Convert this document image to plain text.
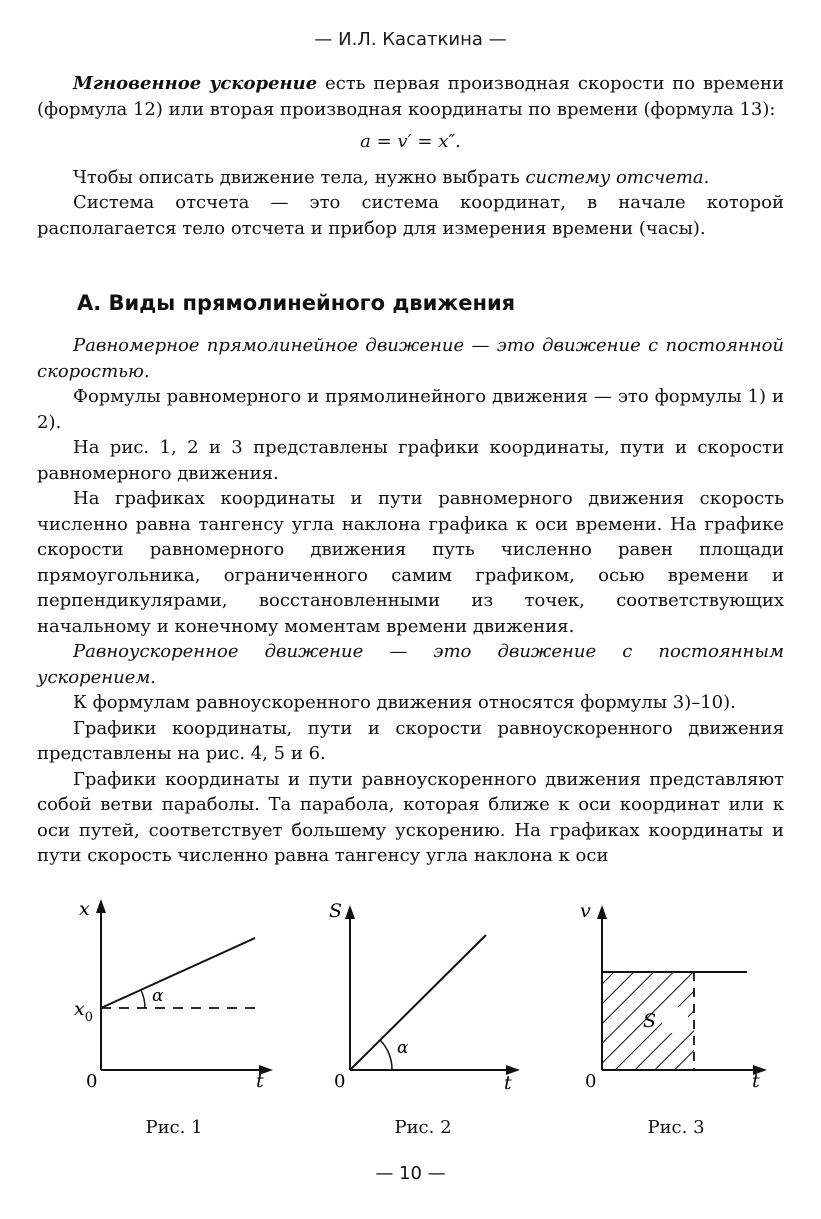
— И.Л. Касаткина —

Мгновенное ускорение есть первая производная скорости по времени (формула 12) или вторая производная координаты по времени (формула 13):

a = v′ = x″.

Чтобы описать движение тела, нужно выбрать систему отсчета.

Система отсчета — это система координат, в начале которой располагается тело отсчета и прибор для измерения времени (часы).

А. Виды прямолинейного движения

Равномерное прямолинейное движение — это движение с постоянной скоростью.

Формулы равномерного и прямолинейного движения — это формулы 1) и 2).

На рис. 1, 2 и 3 представлены графики координаты, пути и скорости равномерного движения.

На графиках координаты и пути равномерного движения скорость численно равна тангенсу угла наклона графика к оси времени. На графике скорости равномерного движения путь численно равен площади прямоугольника, ограниченного самим графиком, осью времени и перпендикулярами, восстановленными из точек, соответствующих начальному и конечному моментам времени движения.

Равноускоренное движение — это движение с постоянным ускорением.

К формулам равноускоренного движения относятся формулы 3)–10).

Графики координаты, пути и скорости равноускоренного движения представлены на рис. 4, 5 и 6.

Графики координаты и пути равноускоренного движения представляют собой ветви параболы. Та парабола, которая ближе к оси координат или к оси путей, соответствует большему ускорению. На графиках координаты и пути скорость численно равна тангенсу угла наклона к оси

α
x
$x_0$
0	t
α
S
0	t
S
v
0	t
Рис. 1	Рис. 2	Рис. 3
— 10 —
